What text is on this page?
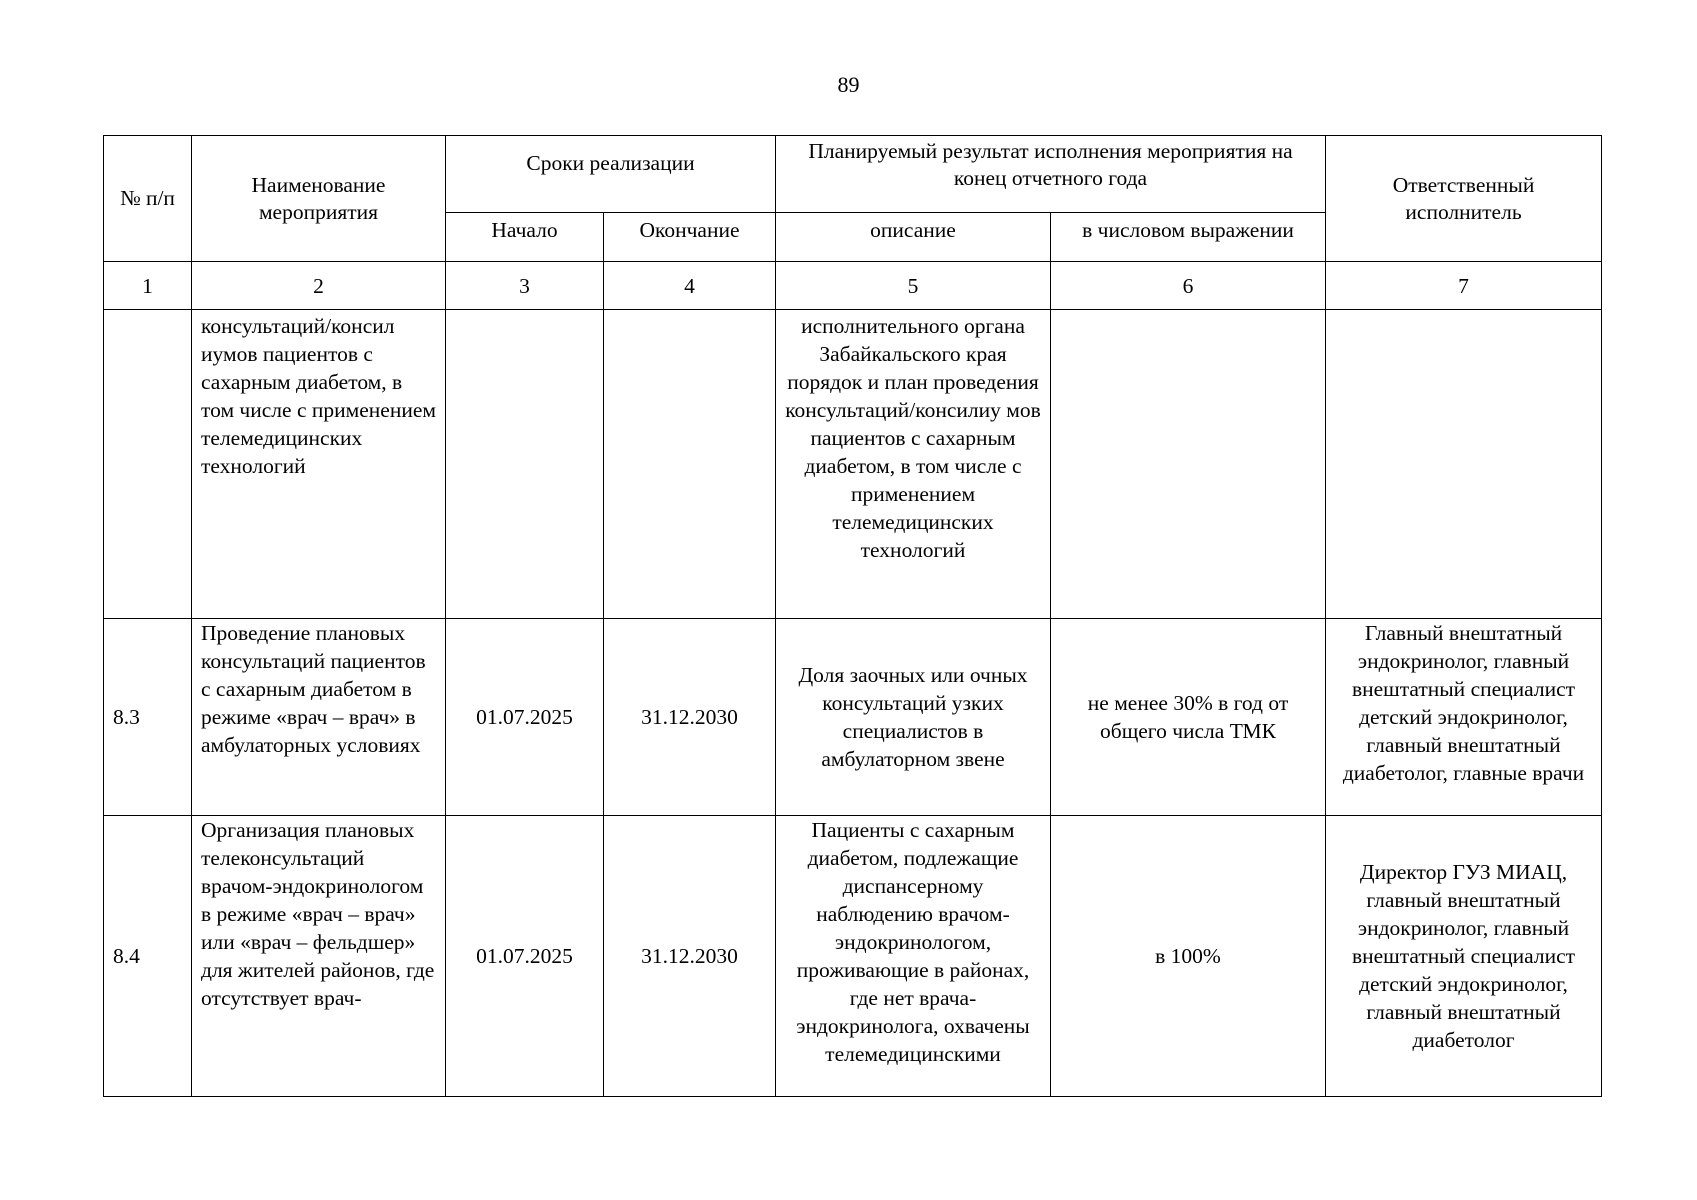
89
№ п/п	Наименование мероприятия	Сроки реализации		Планируемый результат исполнения мероприятия на конец отчетного года		Ответственный исполнитель
		Начало	Окончание	описание	в числовом выражении	
1	2	3	4	5	6	7
	консультаций/консил иумов пациентов с сахарным диабетом, в том числе с применением телемедицинских технологий			исполнительного органа Забайкальского края порядок и план проведения консультаций/консилиу мов пациентов с сахарным диабетом, в том числе с применением телемедицинских технологий		
8.3	Проведение плановых консультаций пациентов с сахарным диабетом в режиме «врач – врач» в амбулаторных условиях	01.07.2025	31.12.2030	Доля заочных или очных консультаций узких специалистов в амбулаторном звене	не менее 30% в год от общего числа ТМК	Главный внештатный эндокринолог, главный внештатный специалист детский эндокринолог, главный внештатный диабетолог, главные врачи
8.4	Организация плановых телеконсультаций врачом-эндокринологом в режиме «врач – врач» или «врач – фельдшер» для жителей районов, где отсутствует врач-	01.07.2025	31.12.2030	Пациенты с сахарным диабетом, подлежащие диспансерному наблюдению врачом-эндокринологом, проживающие в районах, где нет врача-эндокринолога, охвачены телемедицинскими	в 100%	Директор ГУЗ МИАЦ, главный внештатный эндокринолог, главный внештатный специалист детский эндокринолог, главный внештатный диабетолог
